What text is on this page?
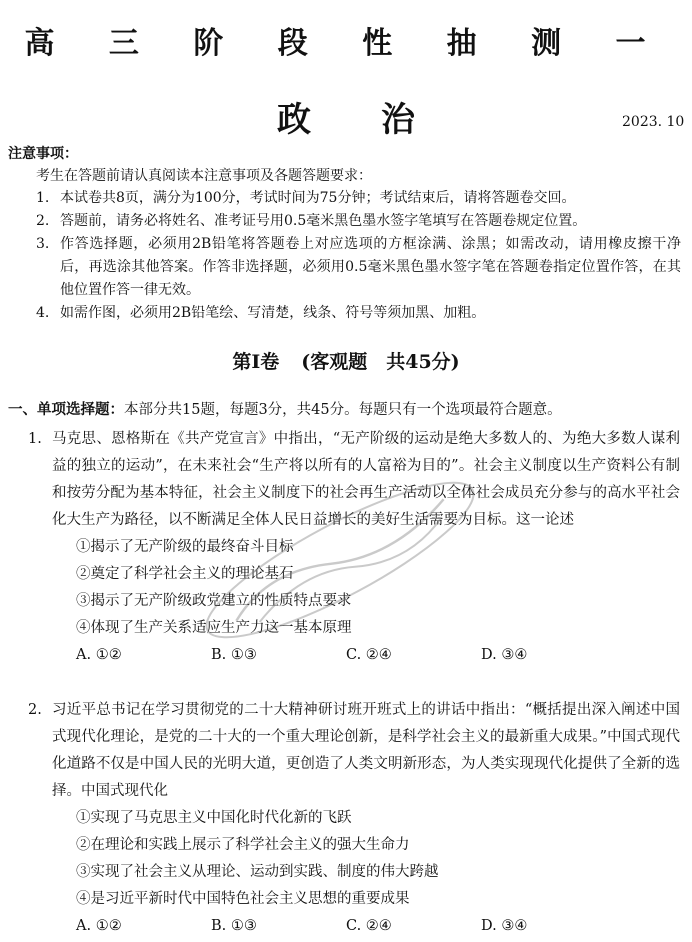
高 三 阶 段 性 抽 测 一
政 治	2023. 10
注意事项：
考生在答题前请认真阅读本注意事项及各题答题要求：
1. 本试卷共8页，满分为100分，考试时间为75分钟；考试结束后，请将答题卷交回。
2. 答题前，请务必将姓名、准考证号用0.5毫米黑色墨水签字笔填写在答题卷规定位置。
3. 作答选择题，必须用2B铅笔将答题卷上对应选项的方框涂满、涂黑；如需改动，请用橡皮擦干净后，再选涂其他答案。作答非选择题，必须用0.5毫米黑色墨水签字笔在答题卷指定位置作答，在其他位置作答一律无效。
4. 如需作图，必须用2B铅笔绘、写清楚，线条、符号等须加黑、加粗。
第Ⅰ卷 (客观题　共45分)
一、单项选择题：本部分共15题，每题3分，共45分。每题只有一个选项最符合题意。
1. 马克思、恩格斯在《共产党宣言》中指出，“无产阶级的运动是绝大多数人的、为绝大多数人谋利益的独立的运动”，在未来社会“生产将以所有的人富裕为目的”。社会主义制度以生产资料公有制和按劳分配为基本特征，社会主义制度下的社会再生产活动以全体社会成员充分参与的高水平社会化大生产为路径，以不断满足全体人民日益增长的美好生活需要为目标。这一论述
①揭示了无产阶级的最终奋斗目标
②奠定了科学社会主义的理论基石
③揭示了无产阶级政党建立的性质特点要求
④体现了生产关系适应生产力这一基本原理
A. ①②	B. ①③	C. ②④	D. ③④
2. 习近平总书记在学习贯彻党的二十大精神研讨班开班式上的讲话中指出：“概括提出深入阐述中国式现代化理论，是党的二十大的一个重大理论创新，是科学社会主义的最新重大成果。”中国式现代化道路不仅是中国人民的光明大道，更创造了人类文明新形态，为人类实现现代化提供了全新的选择。中国式现代化
①实现了马克思主义中国化时代化新的飞跃
②在理论和实践上展示了科学社会主义的强大生命力
③实现了社会主义从理论、运动到实践、制度的伟大跨越
④是习近平新时代中国特色社会主义思想的重要成果
A. ①②	B. ①③	C. ②④	D. ③④
